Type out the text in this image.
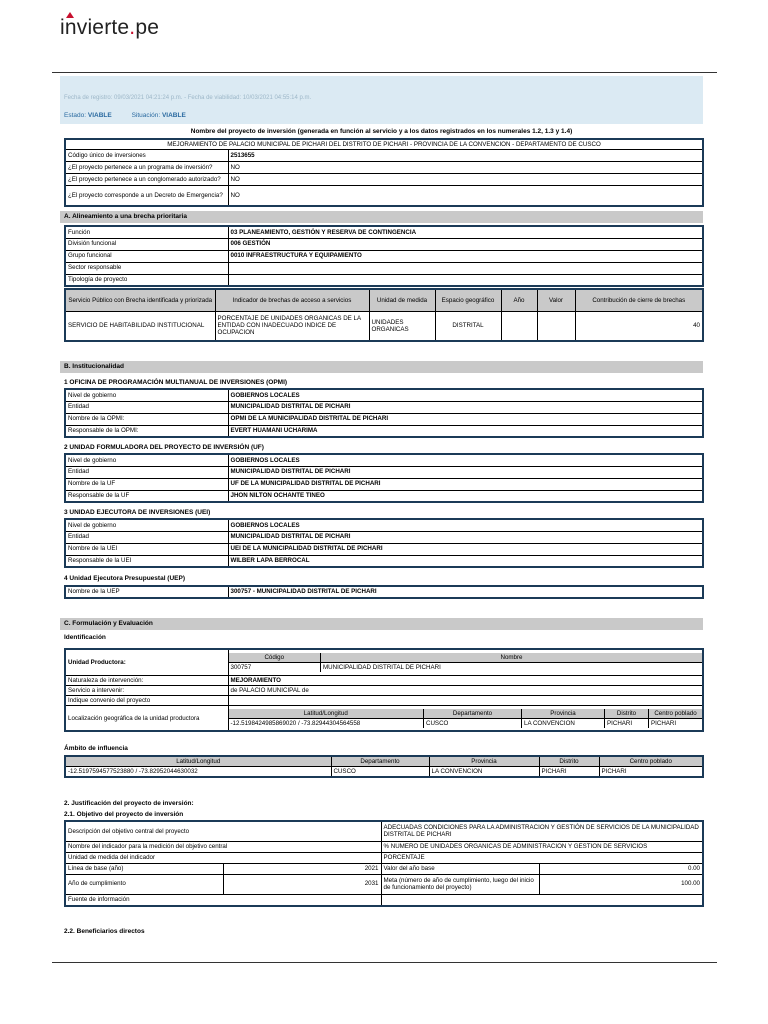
invierte.pe
Fecha de registro: 09/03/2021 04:21:24 p.m. - Fecha de viabilidad: 10/03/2021 04:55:14 p.m.
Estado: VIABLE	Situación: VIABLE
Nombre del proyecto de inversión (generada en función al servicio y a los datos registrados en los numerales 1.2, 1.3 y 1.4)
MEJORAMIENTO DE PALACIO MUNICIPAL DE PICHARI DEL DISTRITO DE PICHARI - PROVINCIA DE LA CONVENCION - DEPARTAMENTO DE CUSCO	
Código único de inversiones	2513655
¿El proyecto pertenece a un programa de inversión?	NO
¿El proyecto pertenece a un conglomerado autorizado?	NO
¿El proyecto corresponde a un Decreto de Emergencia?	NO
A. Alineamiento a una brecha prioritaria
Función	03 PLANEAMIENTO, GESTIÓN Y RESERVA DE CONTINGENCIA
División funcional	006 GESTIÓN
Grupo funcional	0010 INFRAESTRUCTURA Y EQUIPAMIENTO
Sector responsable	
Tipología de proyecto	
Servicio Público con Brecha identificada y priorizada	Indicador de brechas de acceso a servicios	Unidad de medida	Espacio geográfico	Año	Valor	Contribución de cierre de brechas
SERVICIO DE HABITABILIDAD INSTITUCIONAL	PORCENTAJE DE UNIDADES ORGANICAS DE LA ENTIDAD CON INADECUADO INDICE DE OCUPACION	UNIDADES ORGANICAS	DISTRITAL			40
B. Institucionalidad
1 OFICINA DE PROGRAMACIÓN MULTIANUAL DE INVERSIONES (OPMI)
Nivel de gobierno	GOBIERNOS LOCALES
Entidad	MUNICIPALIDAD DISTRITAL DE PICHARI
Nombre de la OPMI:	OPMI DE LA MUNICIPALIDAD DISTRITAL DE PICHARI
Responsable de la OPMI:	EVERT HUAMANI UCHARIMA
2 UNIDAD FORMULADORA DEL PROYECTO DE INVERSIÓN (UF)
Nivel de gobierno	GOBIERNOS LOCALES
Entidad	MUNICIPALIDAD DISTRITAL DE PICHARI
Nombre de la UF	UF DE LA MUNICIPALIDAD DISTRITAL DE PICHARI
Responsable de la UF	JHON NILTON OCHANTE TINEO
3 UNIDAD EJECUTORA DE INVERSIONES (UEI)
Nivel de gobierno	GOBIERNOS LOCALES
Entidad	MUNICIPALIDAD DISTRITAL DE PICHARI
Nombre de la UEI	UEI DE LA MUNICIPALIDAD DISTRITAL DE PICHARI
Responsable de la UEI	WILBER LAPA BERROCAL
4 Unidad Ejecutora Presupuestal (UEP)
Nombre de la UEP	300757 - MUNICIPALIDAD DISTRITAL DE PICHARI
C. Formulación y Evaluación
Identificación
Unidad Productora:	
Código	Nombre
300757	MUNICIPALIDAD DISTRITAL DE PICHARI

Naturaleza de intervención:	MEJORAMIENTO
Servicio a intervenir:	de PALACIO MUNICIPAL de
Indique convenio del proyecto	
Localización geográfica de la unidad productora	
Latitud/Longitud	Departamento	Provincia	Distrito	Centro poblado
-12.5198424985869020 / -73.82944304564558	CUSCO	LA CONVENCION	PICHARI	PICHARI
Ámbito de influencia
Latitud/Longitud	Departamento	Provincia	Distrito	Centro poblado
-12.5197594577523880 / -73.82952044630032	CUSCO	LA CONVENCION	PICHARI	PICHARI
2. Justificación del proyecto de inversión:
2.1. Objetivo del proyecto de inversión
Descripción del objetivo central del proyecto		ADECUADAS CONDICIONES PARA LA ADMINISTRACION Y GESTIÓN DE SERVICIOS DE LA MUNICIPALIDAD DISTRITAL DE PICHARI	
Nombre del indicador para la medición del objetivo central		% NUMERO DE UNIDADES ORGANICAS DE ADMINISTRACION Y GESTION DE SERVICIOS	
Unidad de medida del indicador		PORCENTAJE	
Línea de base (año)	2021	Valor del año base	0.00
Año de cumplimiento	2031	Meta (número de año de cumplimiento, luego del inicio de funcionamiento del proyecto)	100.00
Fuente de información			
2.2. Beneficiarios directos
